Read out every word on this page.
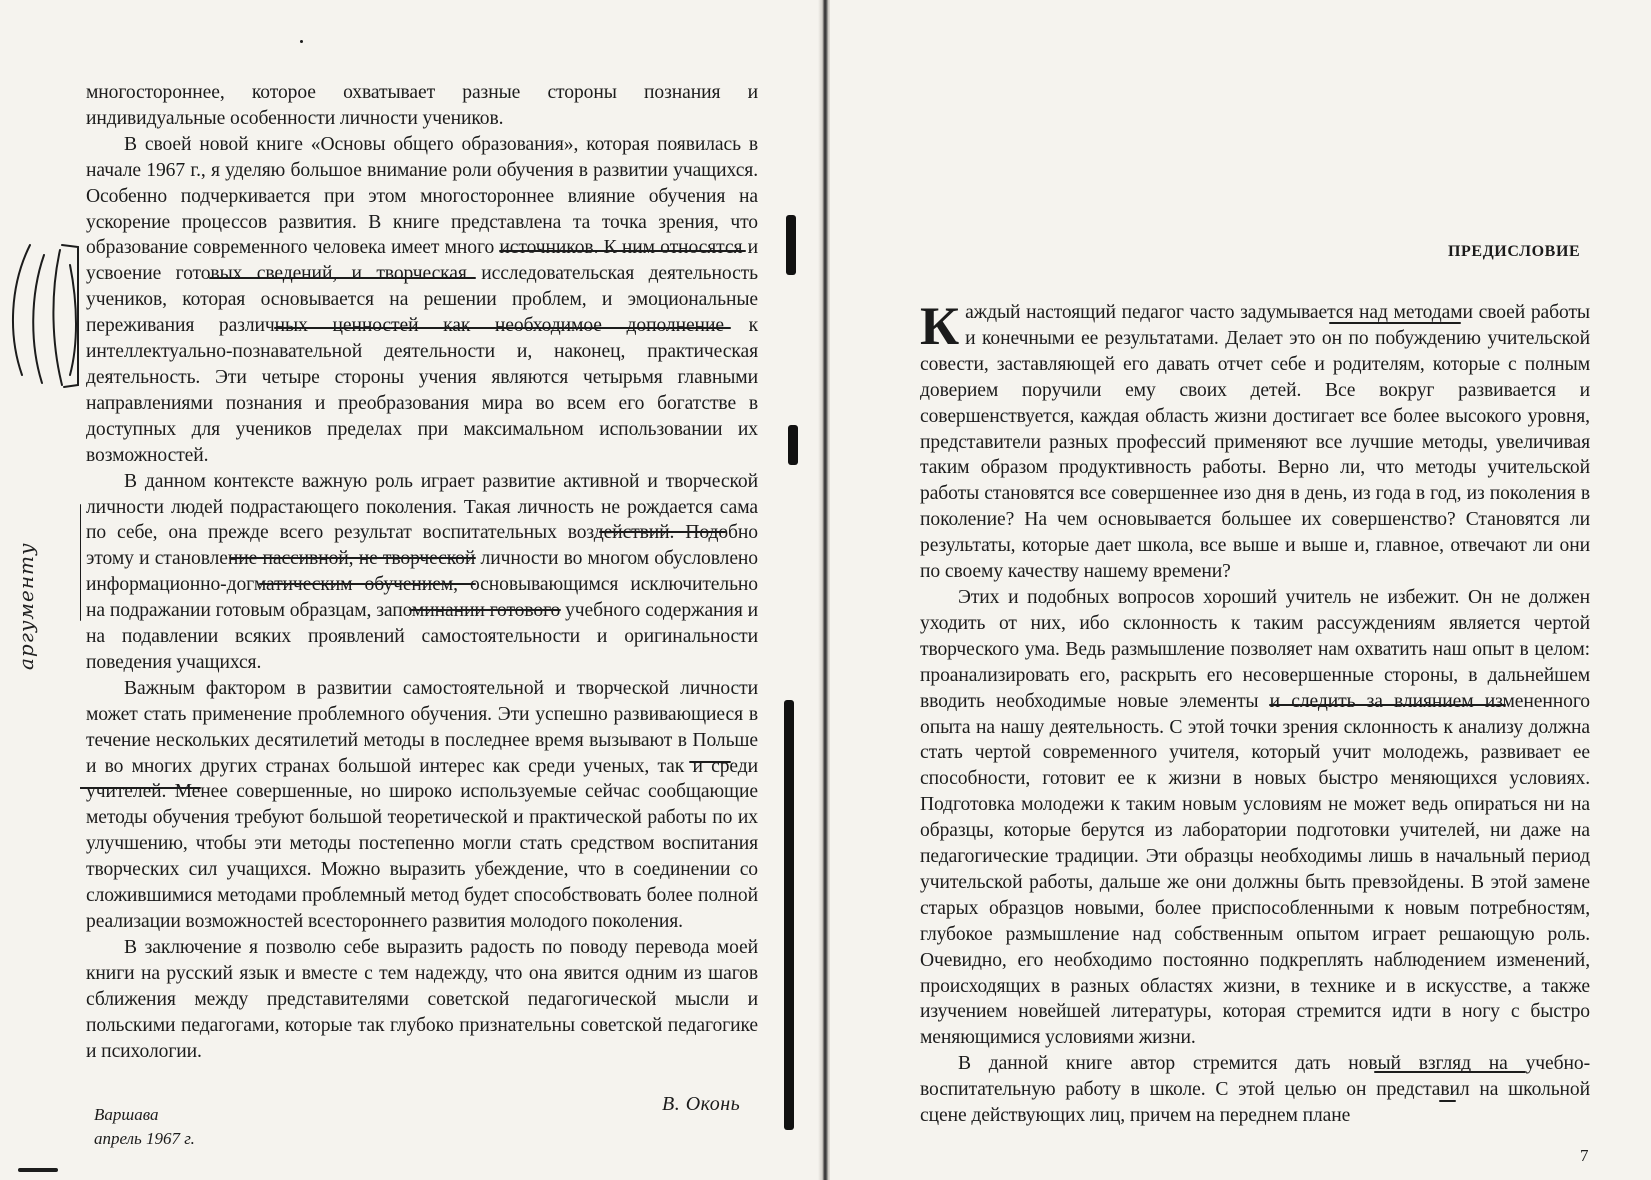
многостороннее, которое охватывает разные стороны познания и индивидуальные особенности личности учеников.

В своей новой книге «Основы общего образования», которая появилась в начале 1967 г., я уделяю большое внимание роли обучения в развитии учащихся. Особенно подчеркивается при этом многостороннее влияние обучения на ускорение процессов развития. В книге представлена та точка зрения, что образование современного человека имеет много источников. К ним относятся и усвоение готовых сведений, и творческая исследовательская деятельность учеников, которая основывается на решении проблем, и эмоциональные переживания различных ценностей как необходимое дополнение к интеллектуально-познавательной деятельности и, наконец, практическая деятельность. Эти четыре стороны учения являются четырьмя главными направлениями познания и преобразования мира во всем его богатстве в доступных для учеников пределах при максимальном использовании их возможностей.

В данном контексте важную роль играет развитие активной и творческой личности людей подрастающего поколения. Такая личность не рождается сама по себе, она прежде всего результат воспитательных воздействий. Подобно этому и становление пассивной, не творческой личности во многом обусловлено информационно-догматическим обучением, основывающимся исключительно на подражании готовым образцам, запоминании готового учебного содержания и на подавлении всяких проявлений самостоятельности и оригинальности поведения учащихся.

Важным фактором в развитии самостоятельной и творческой личности может стать применение проблемного обучения. Эти успешно развивающиеся в течение нескольких десятилетий методы в последнее время вызывают в Польше и во многих других странах большой интерес как среди ученых, так и среди учителей. Менее совершенные, но широко используемые сейчас сообщающие методы обучения требуют большой теоретической и практической работы по их улучшению, чтобы эти методы постепенно могли стать средством воспитания творческих сил учащихся. Можно выразить убеждение, что в соединении со сложившимися методами проблемный метод будет способствовать более полной реализации возможностей всестороннего развития молодого поколения.

В заключение я позволю себе выразить радость по поводу перевода моей книги на русский язык и вместе с тем надежду, что она явится одним из шагов сближения между представителями советской педагогической мысли и польскими педагогами, которые так глубоко признательны советской педагогике и психологии.

Варшава
апрель 1967 г.
В. Оконь
аргументу
ПРЕДИСЛОВИЕ

Каждый настоящий педагог часто задумывается над методами своей работы и конечными ее результатами. Делает это он по побуждению учительской совести, заставляющей его давать отчет себе и родителям, которые с полным доверием поручили ему своих детей. Все вокруг развивается и совершенствуется, каждая область жизни достигает все более высокого уровня, представители разных профессий применяют все лучшие методы, увеличивая таким образом продуктивность работы. Верно ли, что методы учительской работы становятся все совершеннее изо дня в день, из года в год, из поколения в поколение? На чем основывается большее их совершенство? Становятся ли результаты, которые дает школа, все выше и выше и, главное, отвечают ли они по своему качеству нашему времени?

Этих и подобных вопросов хороший учитель не избежит. Он не должен уходить от них, ибо склонность к таким рассуждениям является чертой творческого ума. Ведь размышление позволяет нам охватить наш опыт в целом: проанализировать его, раскрыть его несовершенные стороны, в дальнейшем вводить необходимые новые элементы и следить за влиянием измененного опыта на нашу деятельность. С этой точки зрения склонность к анализу должна стать чертой современного учителя, который учит молодежь, развивает ее способности, готовит ее к жизни в новых быстро меняющихся условиях. Подготовка молодежи к таким новым условиям не может ведь опираться ни на образцы, которые берутся из лаборатории подготовки учителей, ни даже на педагогические традиции. Эти образцы необходимы лишь в начальный период учительской работы, дальше же они должны быть превзойдены. В этой замене старых образцов новыми, более приспособленными к новым потребностям, глубокое размышление над собственным опытом играет решающую роль. Очевидно, его необходимо постоянно подкреплять наблюдением изменений, происходящих в разных областях жизни, в технике и в искусстве, а также изучением новейшей литературы, которая стремится идти в ногу с быстро меняющимися условиями жизни.

В данной книге автор стремится дать новый взгляд на учебно-воспитательную работу в школе. С этой целью он представил на школьной сцене действующих лиц, причем на переднем плане

7
